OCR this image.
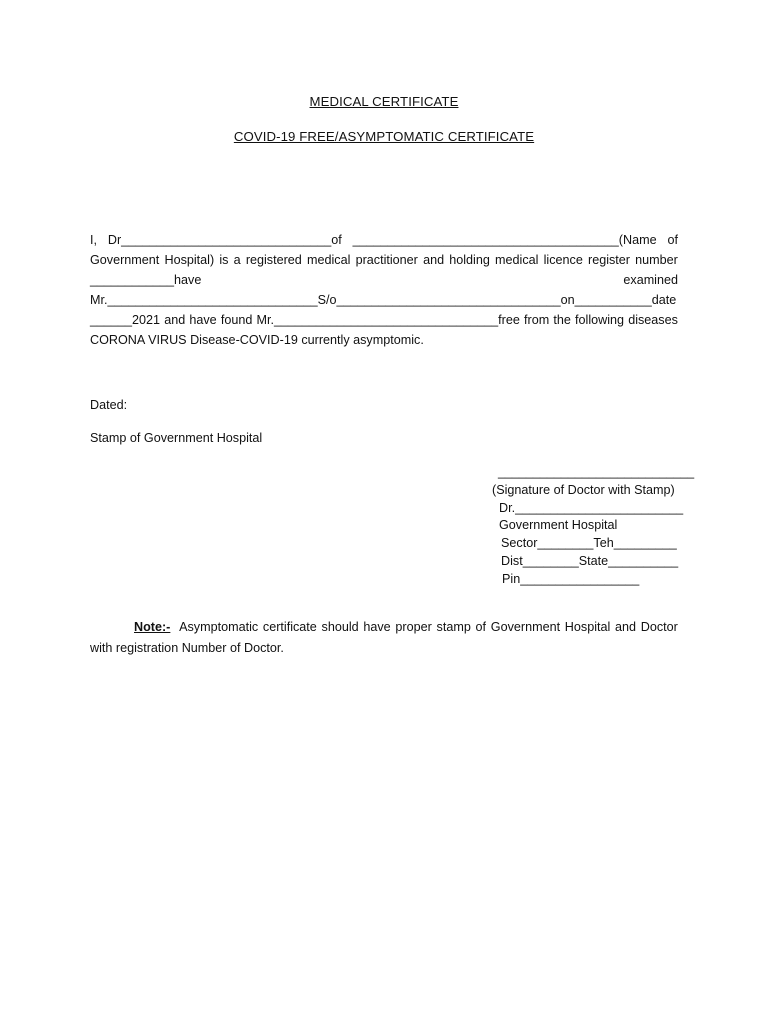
MEDICAL CERTIFICATE
COVID-19 FREE/ASYMPTOMATIC CERTIFICATE
I, Dr______________________________of ______________________________________(Name of
Government Hospital) is a registered medical practitioner and holding medical licence register number
____________have	examined
Mr.______________________________S/o________________________________on___________date
______2021 and have found Mr.________________________________free from the following diseases
CORONA VIRUS Disease-COVID-19 currently asymptomic.
Dated:
Stamp of Government Hospital
____________________________
(Signature of Doctor with Stamp)
Dr.________________________
Government Hospital
Sector________Teh_________
Dist________State__________
Pin_________________
Note:- Asymptomatic certificate should have proper stamp of Government Hospital and Doctor
with registration Number of Doctor.
